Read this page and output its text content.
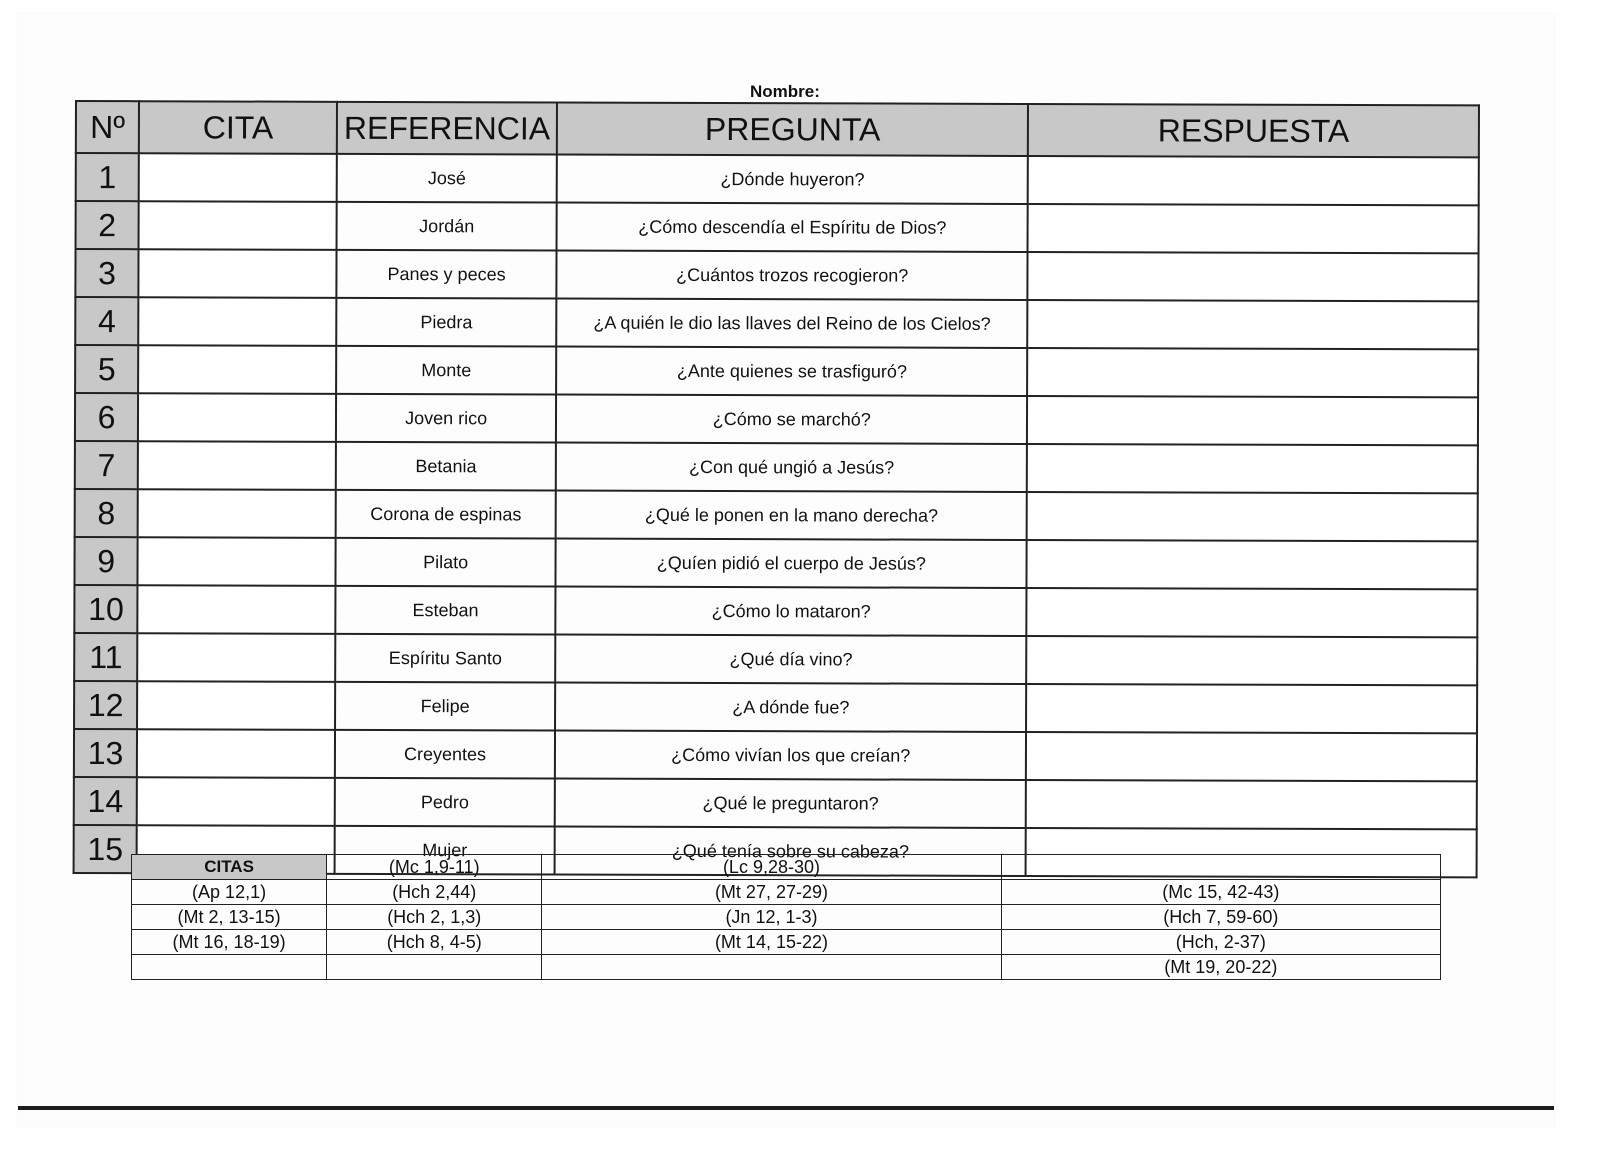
Nombre:
Nº	CITA	REFERENCIA	PREGUNTA	RESPUESTA
1		José	¿Dónde huyeron?	
2		Jordán	¿Cómo descendía el Espíritu de Dios?	
3		Panes y peces	¿Cuántos trozos recogieron?	
4		Piedra	¿A quién le dio las llaves del Reino de los Cielos?	
5		Monte	¿Ante quienes se trasfiguró?	
6		Joven rico	¿Cómo se marchó?	
7		Betania	¿Con qué ungió a Jesús?	
8		Corona de espinas	¿Qué le ponen en la mano derecha?	
9		Pilato	¿Quíen pidió el cuerpo de Jesús?	
10		Esteban	¿Cómo lo mataron?	
11		Espíritu Santo	¿Qué día vino?	
12		Felipe	¿A dónde fue?	
13		Creyentes	¿Cómo vivían los que creían?	
14		Pedro	¿Qué le preguntaron?	
15		Mujer	¿Qué tenía sobre su cabeza?	
CITAS	(Mc 1,9-11)	(Lc 9,28-30)	
(Ap 12,1)	(Hch 2,44)	(Mt 27, 27-29)	(Mc 15, 42-43)
(Mt 2, 13-15)	(Hch 2, 1,3)	(Jn 12, 1-3)	(Hch 7, 59-60)
(Mt 16, 18-19)	(Hch 8, 4-5)	(Mt 14, 15-22)	(Hch, 2-37)
			(Mt 19, 20-22)
